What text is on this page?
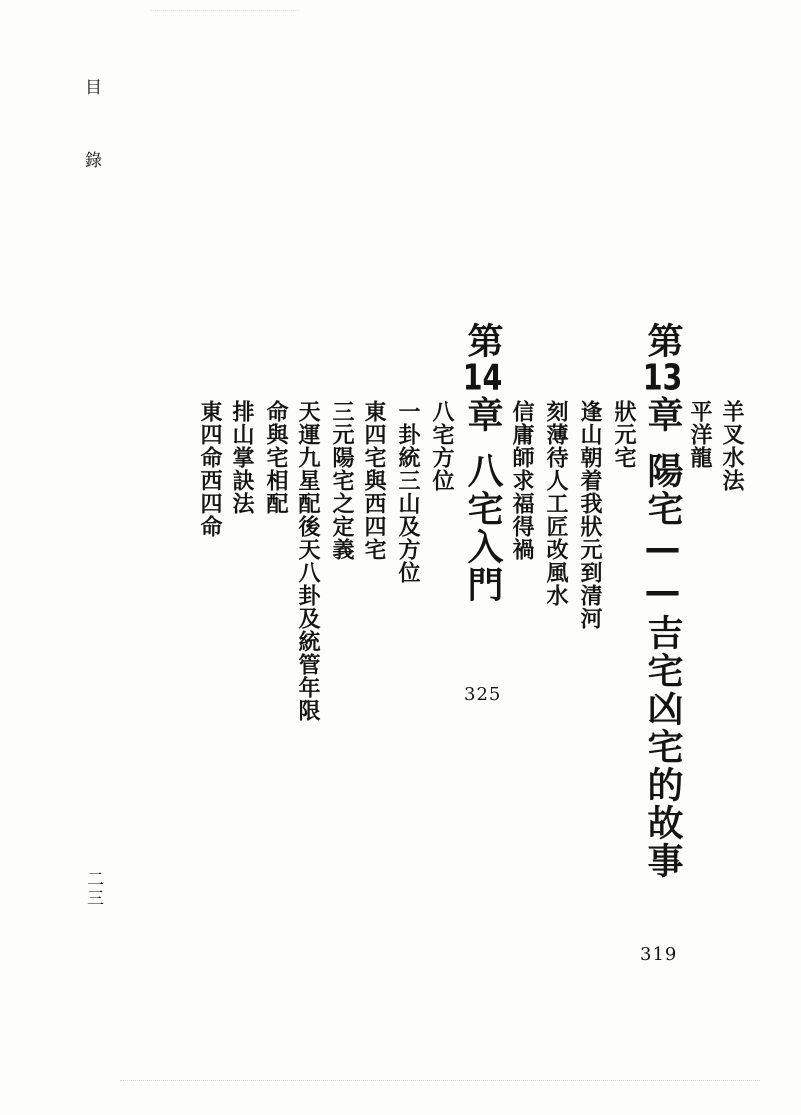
目 錄
二三
羊叉水法
平洋龍
第13章陽宅——吉宅凶宅的故事
319
狀元宅
逢山朝着我狀元到清河
刻薄待人工匠改風水
信庸師求福得禍
第14章八宅入門
325
八宅方位
一卦統三山及方位
東四宅與西四宅
三元陽宅之定義
天運九星配後天八卦及統管年限
命與宅相配
排山掌訣法
東四命西四命
